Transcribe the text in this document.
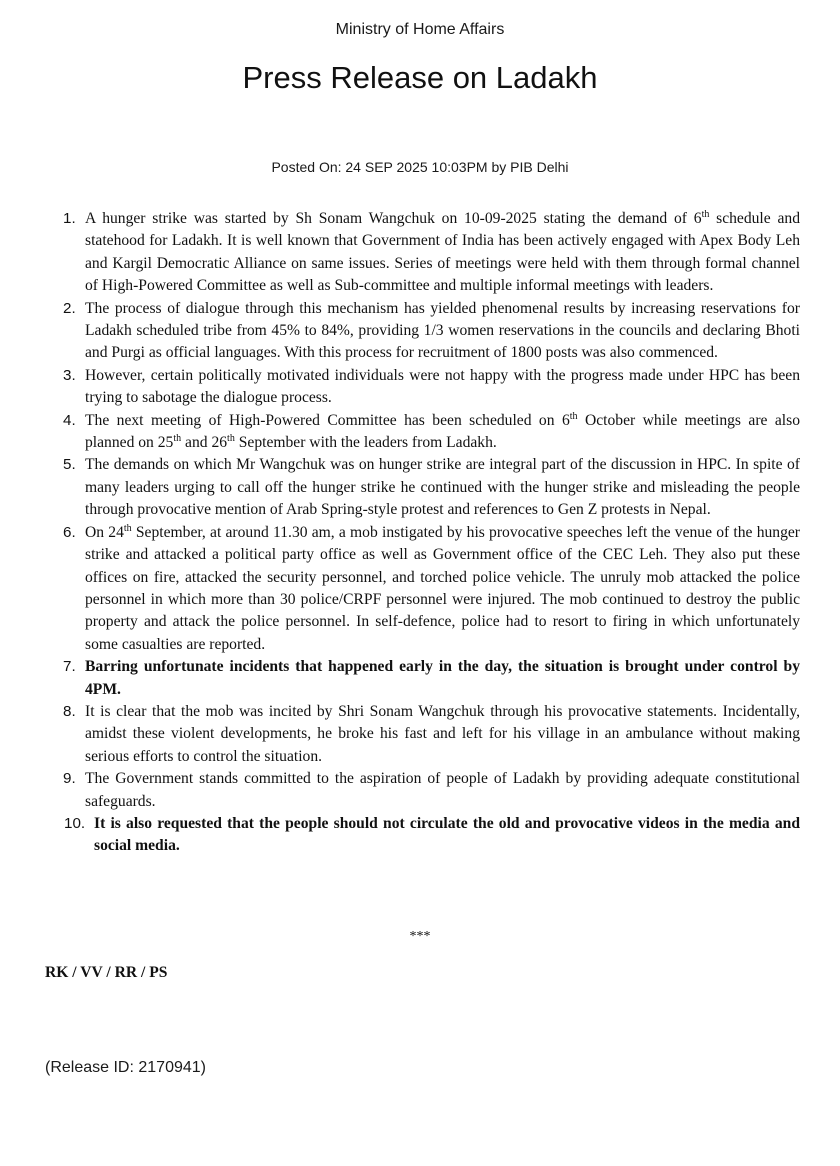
Ministry of Home Affairs
Press Release on Ladakh
Posted On: 24 SEP 2025 10:03PM by PIB Delhi
1. A hunger strike was started by Sh Sonam Wangchuk on 10-09-2025 stating the demand of 6th schedule and statehood for Ladakh. It is well known that Government of India has been actively engaged with Apex Body Leh and Kargil Democratic Alliance on same issues. Series of meetings were held with them through formal channel of High-Powered Committee as well as Sub-committee and multiple informal meetings with leaders.
2. The process of dialogue through this mechanism has yielded phenomenal results by increasing reservations for Ladakh scheduled tribe from 45% to 84%, providing 1/3 women reservations in the councils and declaring Bhoti and Purgi as official languages. With this process for recruitment of 1800 posts was also commenced.
3. However, certain politically motivated individuals were not happy with the progress made under HPC has been trying to sabotage the dialogue process.
4. The next meeting of High-Powered Committee has been scheduled on 6th October while meetings are also planned on 25th and 26th September with the leaders from Ladakh.
5. The demands on which Mr Wangchuk was on hunger strike are integral part of the discussion in HPC. In spite of many leaders urging to call off the hunger strike he continued with the hunger strike and misleading the people through provocative mention of Arab Spring-style protest and references to Gen Z protests in Nepal.
6. On 24th September, at around 11.30 am, a mob instigated by his provocative speeches left the venue of the hunger strike and attacked a political party office as well as Government office of the CEC Leh. They also put these offices on fire, attacked the security personnel, and torched police vehicle. The unruly mob attacked the police personnel in which more than 30 police/CRPF personnel were injured. The mob continued to destroy the public property and attack the police personnel. In self-defence, police had to resort to firing in which unfortunately some casualties are reported.
7. Barring unfortunate incidents that happened early in the day, the situation is brought under control by 4PM.
8. It is clear that the mob was incited by Shri Sonam Wangchuk through his provocative statements. Incidentally, amidst these violent developments, he broke his fast and left for his village in an ambulance without making serious efforts to control the situation.
9. The Government stands committed to the aspiration of people of Ladakh by providing adequate constitutional safeguards.
10. It is also requested that the people should not circulate the old and provocative videos in the media and social media.
***
RK / VV / RR / PS
(Release ID: 2170941)
